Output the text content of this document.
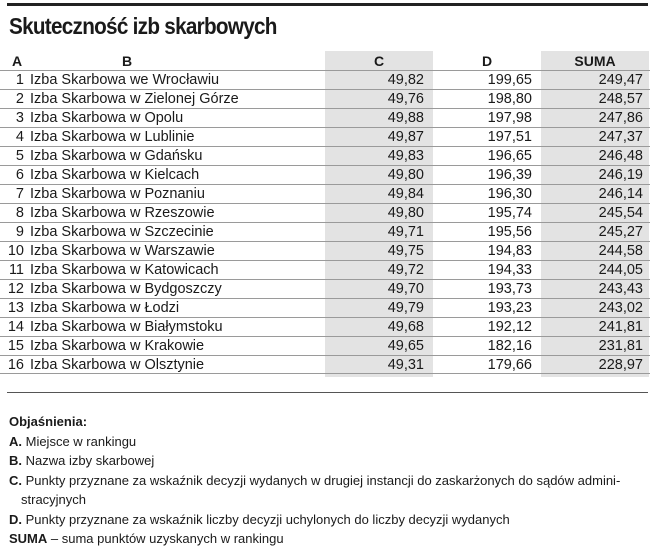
Skuteczność izb skarbowych
A	B	C	D	SUMA
1 Izba Skarbowa we Wrocławiu	49,82	199,65	249,47
2 Izba Skarbowa w Zielonej Górze	49,76	198,80	248,57
3 Izba Skarbowa w Opolu	49,88	197,98	247,86
4 Izba Skarbowa w Lublinie	49,87	197,51	247,37
5 Izba Skarbowa w Gdańsku	49,83	196,65	246,48
6 Izba Skarbowa w Kielcach	49,80	196,39	246,19
7 Izba Skarbowa w Poznaniu	49,84	196,30	246,14
8 Izba Skarbowa w Rzeszowie	49,80	195,74	245,54
9 Izba Skarbowa w Szczecinie	49,71	195,56	245,27
10 Izba Skarbowa w Warszawie	49,75	194,83	244,58
11 Izba Skarbowa w Katowicach	49,72	194,33	244,05
12 Izba Skarbowa w Bydgoszczy	49,70	193,73	243,43
13 Izba Skarbowa w Łodzi	49,79	193,23	243,02
14 Izba Skarbowa w Białymstoku	49,68	192,12	241,81
15 Izba Skarbowa w Krakowie	49,65	182,16	231,81
16 Izba Skarbowa w Olsztynie	49,31	179,66	228,97
Objaśnienia:
A. Miejsce w rankingu
B. Nazwa izby skarbowej
C. Punkty przyznane za wskaźnik decyzji wydanych w drugiej instancji do zaskarżonych do sądów admini-
stracyjnych
D. Punkty przyznane za wskaźnik liczby decyzji uchylonych do liczby decyzji wydanych
SUMA – suma punktów uzyskanych w rankingu
